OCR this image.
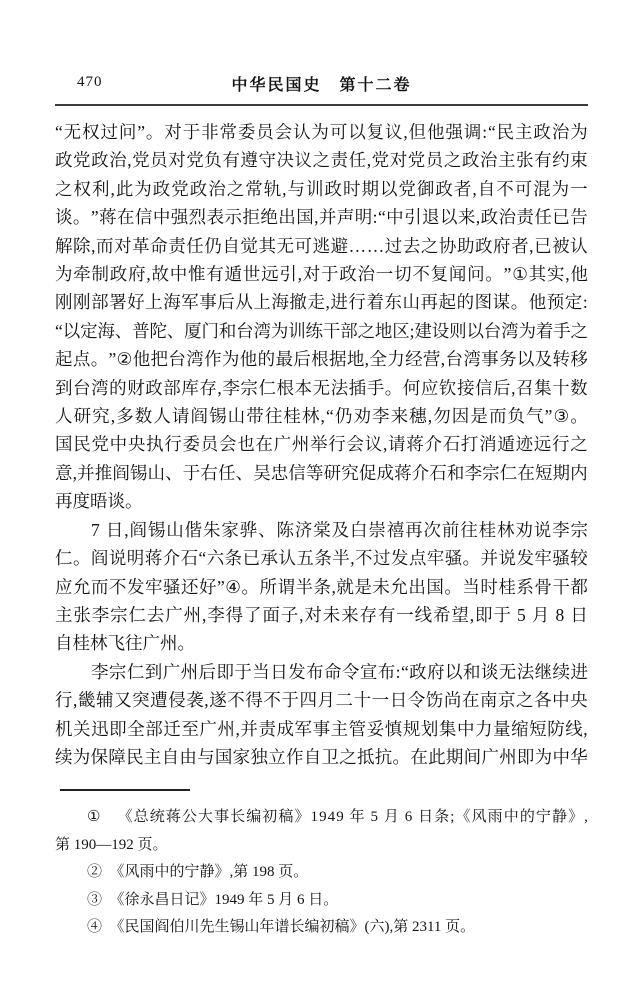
470	中华民国史　第十二卷
“ 无 权 过 问 ” 。 对 于 非 常 委 员 会 认 为 可 以 复 议 , 但 他 强 调 : “ 民 主 政 治 为
政 党 政 治 , 党 员 对 党 负 有 遵 守 决 议 之 责 任 , 党 对 党 员 之 政 治 主 张 有 约 束
之 权 利 , 此 为 政 党 政 治 之 常 轨 , 与 训 政 时 期 以 党 御 政 者 , 自 不 可 混 为 一
谈 。 ” 蒋 在 信 中 强 烈 表 示 拒 绝 出 国 , 并 声 明 : “ 中 引 退 以 来 , 政 治 责 任 已 告
解 除 , 而 对 革 命 责 任 仍 自 觉 其 无 可 逃 避 … … 过 去 之 协 助 政 府 者 , 已 被 认
为 牵 制 政 府 , 故 中 惟 有 遁 世 远 引 , 对 于 政 治 一 切 不 复 闻 问 。 ” ① 其 实 , 他
刚 刚 部 署 好 上 海 军 事 后 从 上 海 撤 走 , 进 行 着 东 山 再 起 的 图 谋 。 他 预 定 :
“ 以 定 海 、 普 陀 、 厦 门 和 台 湾 为 训 练 干 部 之 地 区 ; 建 设 则 以 台 湾 为 着 手 之
起 点 。 ” ② 他 把 台 湾 作 为 他 的 最 后 根 据 地 , 全 力 经 营 , 台 湾 事 务 以 及 转 移
到 台 湾 的 财 政 部 库 存 , 李 宗 仁 根 本 无 法 插 手 。 何 应 钦 接 信 后 , 召 集 十 数
人 研 究 , 多 数 人 请 阎 锡 山 带 往 桂 林 , “ 仍 劝 李 来 穗 , 勿 因 是 而 负 气 ” ③ 。
国 民 党 中 央 执 行 委 员 会 也 在 广 州 举 行 会 议 , 请 蒋 介 石 打 消 遁 迹 远 行 之
意 , 并 推 阎 锡 山 、 于 右 任 、 吴 忠 信 等 研 究 促 成 蒋 介 石 和 李 宗 仁 在 短 期 内
再度晤谈。
7
日 , 阎 锡 山 偕 朱 家 骅 、 陈 济 棠 及 白 崇 禧 再 次 前 往 桂 林 劝 说 李 宗
仁 。 阎 说 明 蒋 介 石 “ 六 条 已 承 认 五 条 半 , 不 过 发 点 牢 骚 。 并 说 发 牢 骚 较
应 允 而 不 发 牢 骚 还 好 ” ④ 。 所 谓 半 条 , 就 是 未 允 出 国 。 当 时 桂 系 骨 干 都
主 张 李 宗 仁 去 广 州 , 李 得 了 面 子 , 对 未 来 存 有 一 线 希 望 , 即 于
5
月
8
日
自桂林飞往广州。
李 宗 仁 到 广 州 后 即 于 当 日 发 布 命 令 宣 布 : “ 政 府 以 和 谈 无 法 继 续 进
行 , 畿 辅 又 突 遭 侵 袭 , 遂 不 得 不 于 四 月 二 十 一 日 令 饬 尚 在 南 京 之 各 中 央
机 关 迅 即 全 部 迁 至 广 州 , 并 责 成 军 事 主 管 妥 慎 规 划 集 中 力 量 缩 短 防 线 ,
续 为 保 障 民 主 自 由 与 国 家 独 立 作 自 卫 之 抵 抗 。 在 此 期 间 广 州 即 为 中 华
①
　 《 总 统 蒋 公 大 事 长 编 初 稿 》 1 9 4 9
年
5
月
6
日 条 ; 《 风 雨 中 的 宁 静 》 ,
第 190—192 页。
②　《风雨中的宁静》,第 198 页。
③　《徐永昌日记》1949 年 5 月 6 日。
④　《民国阎伯川先生锡山年谱长编初稿》(六),第 2311 页。
